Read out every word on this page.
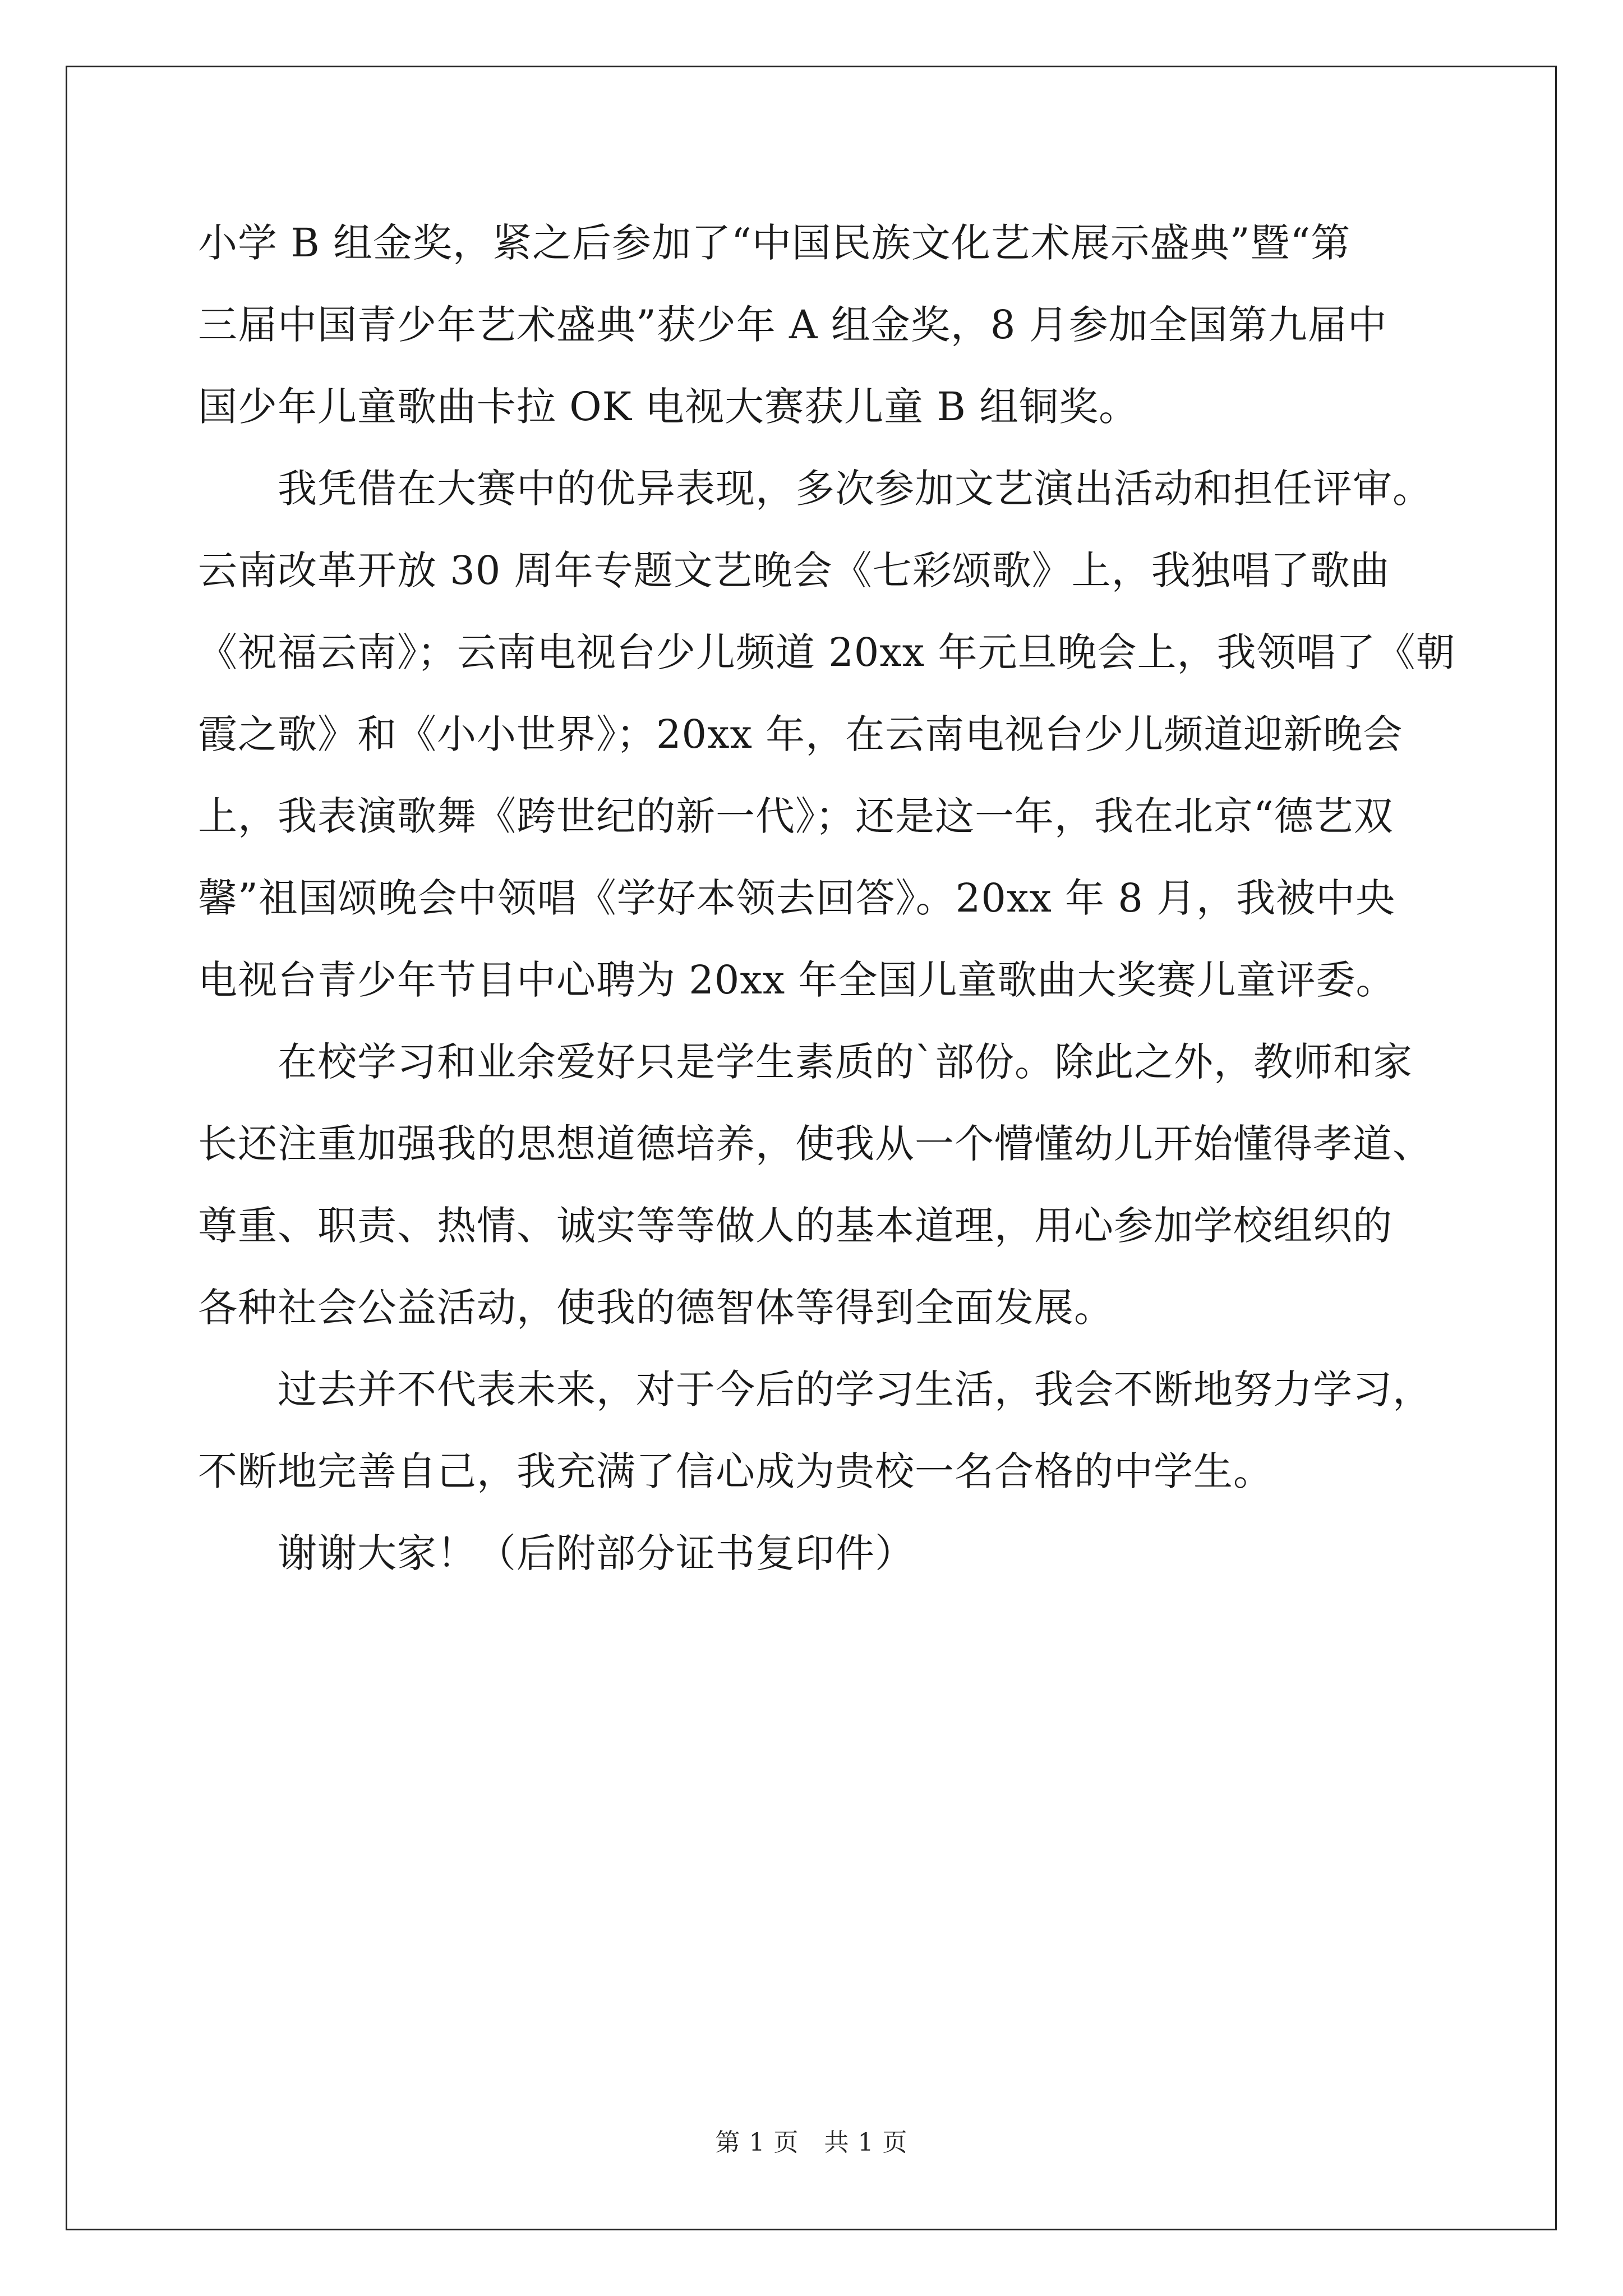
小学 B 组金奖，紧之后参加了“中国民族文化艺术展示盛典”暨“第
三届中国青少年艺术盛典”获少年 A 组金奖，8 月参加全国第九届中
国少年儿童歌曲卡拉 OK 电视大赛获儿童 B 组铜奖。
　　我凭借在大赛中的优异表现，多次参加文艺演出活动和担任评审。
云南改革开放 30 周年专题文艺晚会《七彩颂歌》上，我独唱了歌曲
《祝福云南》；云南电视台少儿频道 20xx 年元旦晚会上，我领唱了《朝
霞之歌》和《小小世界》；20xx 年，在云南电视台少儿频道迎新晚会
上，我表演歌舞《跨世纪的新一代》；还是这一年，我在北京“德艺双
馨”祖国颂晚会中领唱《学好本领去回答》。20xx 年 8 月，我被中央
电视台青少年节目中心聘为 20xx 年全国儿童歌曲大奖赛儿童评委。
　　在校学习和业余爱好只是学生素质的`部份。除此之外，教师和家
长还注重加强我的思想道德培养，使我从一个懵懂幼儿开始懂得孝道、
尊重、职责、热情、诚实等等做人的基本道理，用心参加学校组织的
各种社会公益活动，使我的德智体等得到全面发展。
　　过去并不代表未来，对于今后的学习生活，我会不断地努力学习，
不断地完善自己，我充满了信心成为贵校一名合格的中学生。
　　谢谢大家！（后附部分证书复印件）
第 1 页　共 1 页
